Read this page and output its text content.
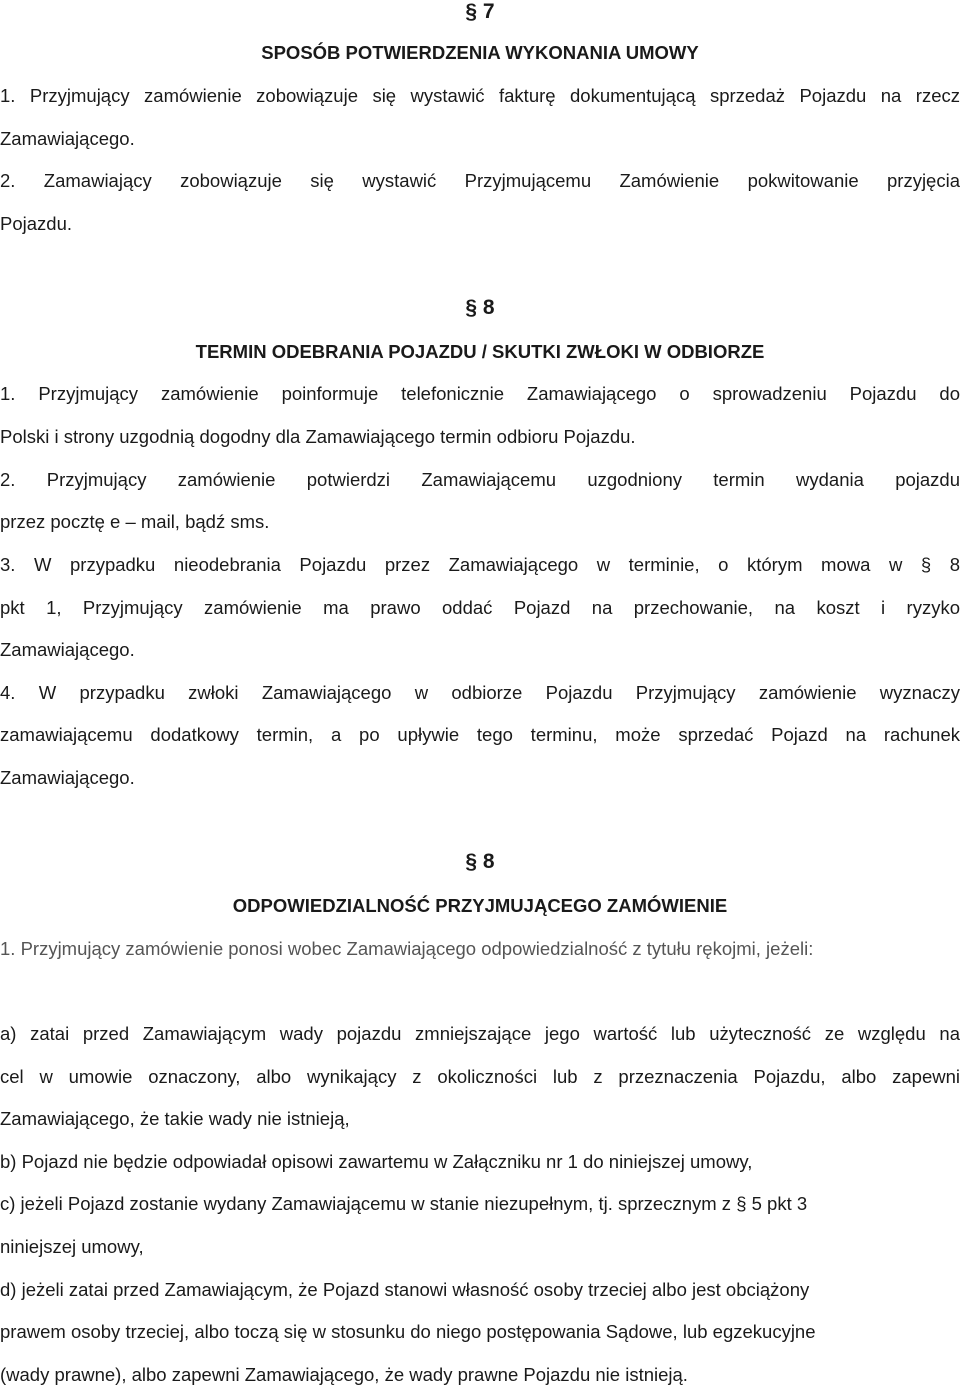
§ 7
SPOSÓB POTWIERDZENIA WYKONANIA UMOWY
1. Przyjmujący zamówienie zobowiązuje się wystawić fakturę dokumentującą sprzedaż Pojazdu na rzecz
Zamawiającego.
2. Zamawiający zobowiązuje się wystawić Przyjmującemu Zamówienie pokwitowanie przyjęcia
Pojazdu.
§ 8
TERMIN ODEBRANIA POJAZDU / SKUTKI ZWŁOKI W ODBIORZE
1. Przyjmujący zamówienie poinformuje telefonicznie Zamawiającego o sprowadzeniu Pojazdu do
Polski i strony uzgodnią dogodny dla Zamawiającego termin odbioru Pojazdu.
2. Przyjmujący zamówienie potwierdzi Zamawiającemu uzgodniony termin wydania pojazdu
przez pocztę e – mail, bądź sms.
3. W przypadku nieodebrania Pojazdu przez Zamawiającego w terminie, o którym mowa w § 8
pkt 1, Przyjmujący zamówienie ma prawo oddać Pojazd na przechowanie, na koszt i ryzyko
Zamawiającego.
4. W przypadku zwłoki Zamawiającego w odbiorze Pojazdu Przyjmujący zamówienie wyznaczy
zamawiającemu dodatkowy termin, a po upływie tego terminu, może sprzedać Pojazd na rachunek
Zamawiającego.
§ 8
ODPOWIEDZIALNOŚĆ PRZYJMUJĄCEGO ZAMÓWIENIE
1. Przyjmujący zamówienie ponosi wobec Zamawiającego odpowiedzialność z tytułu rękojmi, jeżeli:
a) zatai przed Zamawiającym wady pojazdu zmniejszające jego wartość lub użyteczność ze względu na
cel w umowie oznaczony, albo wynikający z okoliczności lub z przeznaczenia Pojazdu, albo zapewni
Zamawiającego, że takie wady nie istnieją,
b) Pojazd nie będzie odpowiadał opisowi zawartemu w Załączniku nr 1 do niniejszej umowy,
c) jeżeli Pojazd zostanie wydany Zamawiającemu w stanie niezupełnym, tj. sprzecznym z § 5 pkt 3
niniejszej umowy,
d) jeżeli zatai przed Zamawiającym, że Pojazd stanowi własność osoby trzeciej albo jest obciążony
prawem osoby trzeciej, albo toczą się w stosunku do niego postępowania Sądowe, lub egzekucyjne
(wady prawne), albo zapewni Zamawiającego, że wady prawne Pojazdu nie istnieją.
